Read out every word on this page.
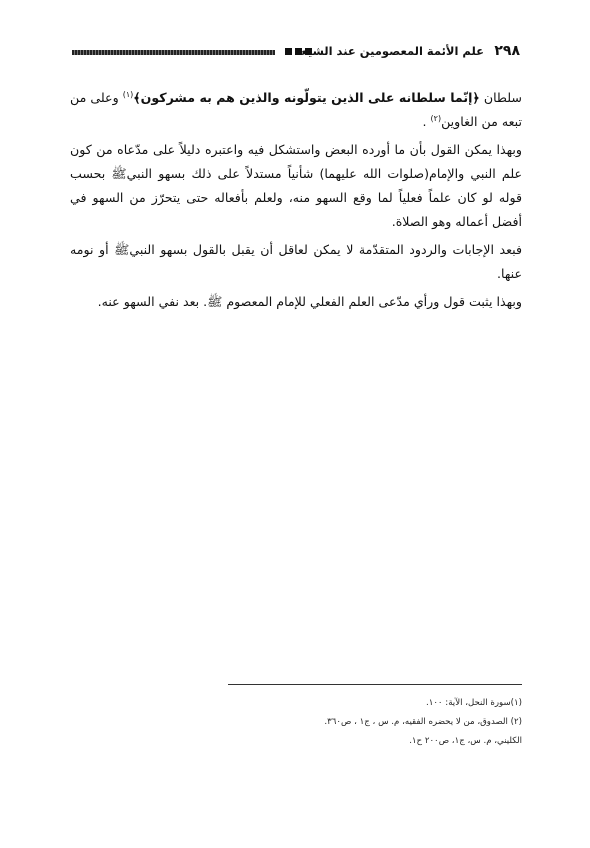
علم الأئمة المعصومين عند الشيعة ٢٩٨

سلطان ﴿إنّما سلطانه على الذين يتولّونه والذين هم به مشركون﴾$^{(١)}$ وعلى من تبعه من الغاوين$^{(٢)}$ .

وبهذا يمكن القول بأن ما أورده البعض واستشكل فيه واعتبره دليلاً على مدّعاه من كون علم النبي والإمام(صلوات الله عليهما) شأنياً مستدلاً على ذلك بسهو النبيﷺ بحسب قوله لو كان علماً فعلياً لما وقع السهو منه، ولعلم بأفعاله حتى يتحرّز من السهو في أفضل أعماله وهو الصلاة.

فبعد الإجابات والردود المتقدّمة لا يمكن لعاقل أن يقبل بالقول بسهو النبيﷺ أو نومه عنها.

وبهذا يثبت قول ورأي مدّعى العلم الفعلي للإمام المعصوم ﷺ. بعد نفي السهو عنه.

(١)سورة النحل، الآية: ١٠٠.
(٢) الصدوق، من لا يحضره الفقيه، م. س ، ج١ ، ص٣٦٠.
الكليني، م. س، ج١، ص٢٠٠ ح١.
